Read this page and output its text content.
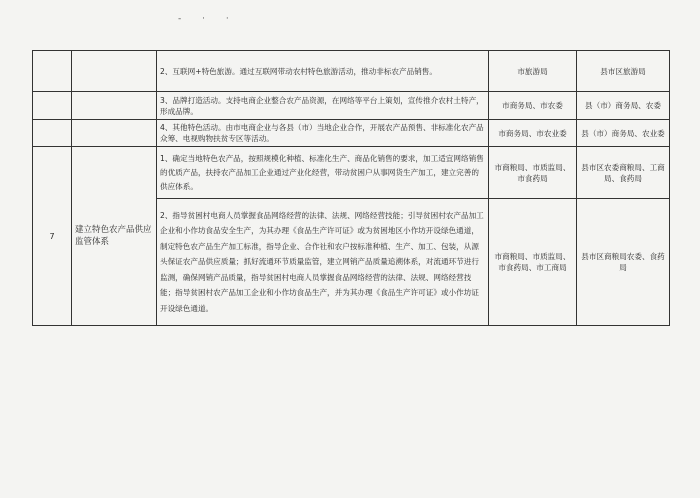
- · ·
		2、互联网+特色旅游。通过互联网带动农村特色旅游活动，推动非标农产品销售。	市旅游局	县市区旅游局
		3、品牌打造活动。支持电商企业整合农产品资源，在网络等平台上策划，宣传推介农村土特产，形成品牌。	市商务局、市农委	县（市）商务局、农委
		4、其他特色活动。由市电商企业与各县（市）当地企业合作，开展农产品预售、非标准化农产品众筹、电视购物扶贫专区等活动。	市商务局、市农业委	县（市）商务局、农业委
7	建立特色农产品供应监管体系	1、确定当地特色农产品，按照规模化种植、标准化生产、商品化销售的要求，加工适宜网络销售的优质产品，扶持农产品加工企业通过产业化经营，带动贫困户从事网货生产加工，建立完善的供应体系。	市商粮局、市质监局、市食药局	县市区农委商粮局、工商局、食药局
		2、指导贫困村电商人员掌握食品网络经营的法律、法规、网络经营技能；引导贫困村农产品加工企业和小作坊食品安全生产，为其办理《食品生产许可证》或为贫困地区小作坊开设绿色通道，制定特色农产品生产加工标准，指导企业、合作社和农户按标准种植、生产、加工、包装，从源头保证农产品供应质量；抓好流通环节质量监管，建立网销产品质量追溯体系，对流通环节进行监测，确保网销产品质量，指导贫困村电商人员掌握食品网络经营的法律、法规、网络经营技能；指导贫困村农产品加工企业和小作坊食品生产，并为其办理《食品生产许可证》或小作坊证开设绿色通道。	市商粮局、市质监局、市食药局、市工商局	县市区商粮局农委、食药局
